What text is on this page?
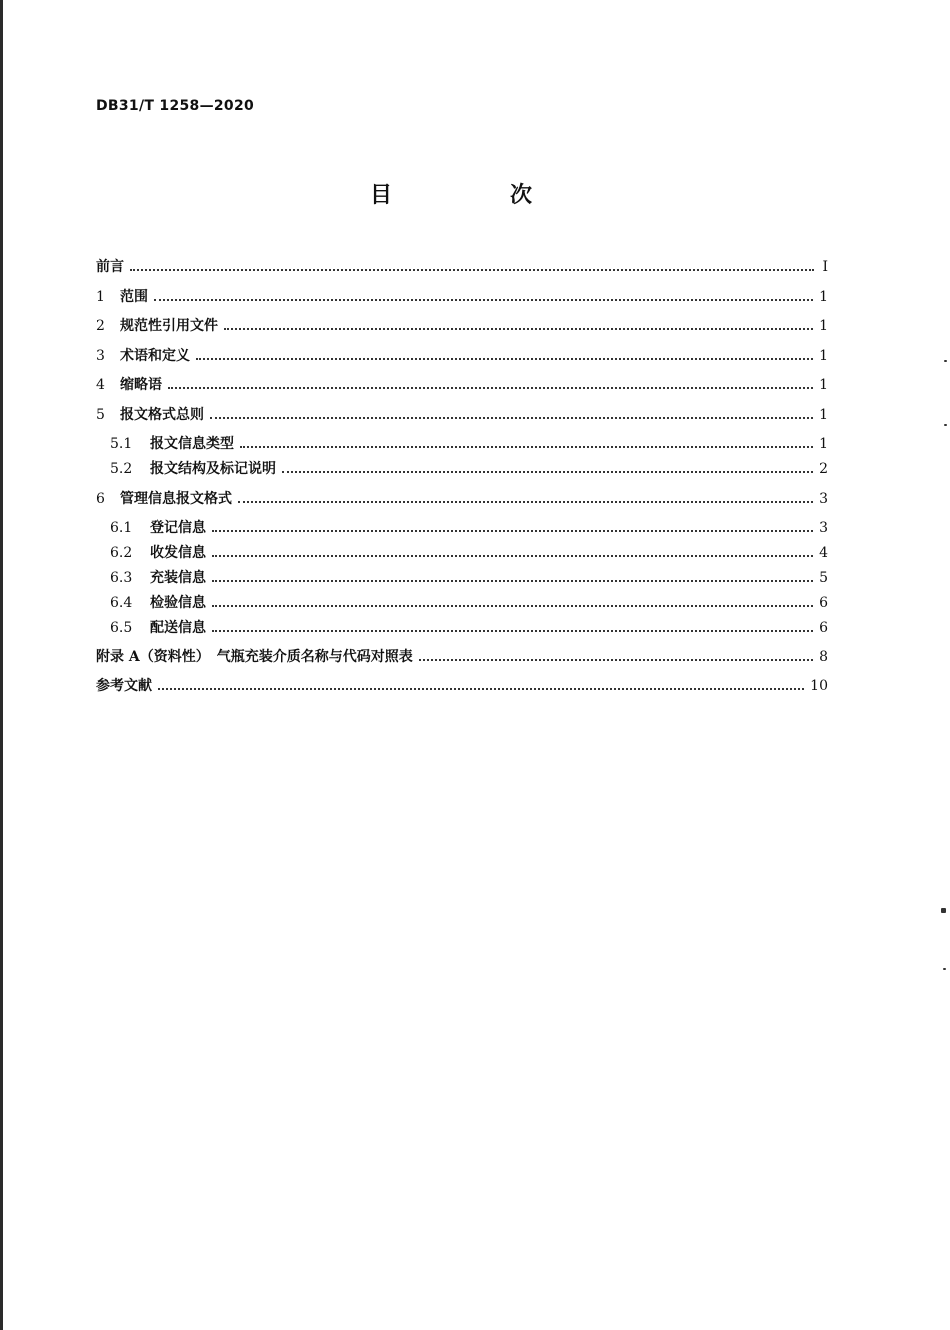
DB31/T 1258—2020
目　次
前言	I
1	范围	1
2	规范性引用文件	1
3	术语和定义	1
4	缩略语	1
5	报文格式总则	1
5.1	报文信息类型	1
5.2	报文结构及标记说明	2
6	管理信息报文格式	3
6.1	登记信息	3
6.2	收发信息	4
6.3	充装信息	5
6.4	检验信息	6
6.5	配送信息	6
附录 A（资料性）　气瓶充装介质名称与代码对照表	8
参考文献	10
